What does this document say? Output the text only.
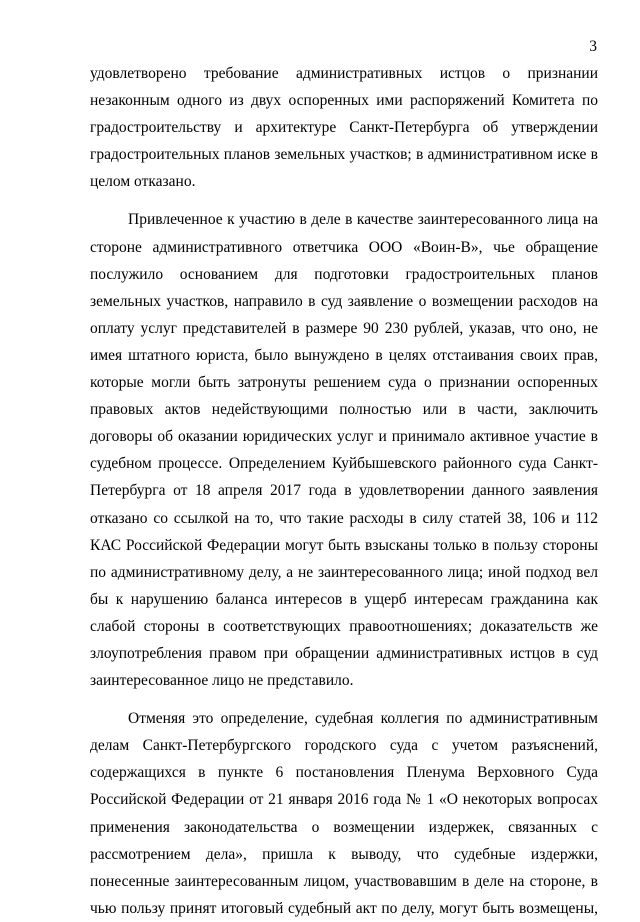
3

удовлетворено требование административных истцов о признании незаконным одного из двух оспоренных ими распоряжений Комитета по градостроительству и архитектуре Санкт-Петербурга об утверждении градостроительных планов земельных участков; в административном иске в целом отказано.

Привлеченное к участию в деле в качестве заинтересованного лица на стороне административного ответчика ООО «Воин-В», чье обращение послужило основанием для подготовки градостроительных планов земельных участков, направило в суд заявление о возмещении расходов на оплату услуг представителей в размере 90 230 рублей, указав, что оно, не имея штатного юриста, было вынуждено в целях отстаивания своих прав, которые могли быть затронуты решением суда о признании оспоренных правовых актов недействующими полностью или в части, заключить договоры об оказании юридических услуг и принимало активное участие в судебном процессе. Определением Куйбышевского районного суда Санкт-Петербурга от 18 апреля 2017 года в удовлетворении данного заявления отказано со ссылкой на то, что такие расходы в силу статей 38, 106 и 112 КАС Российской Федерации могут быть взысканы только в пользу стороны по административному делу, а не заинтересованного лица; иной подход вел бы к нарушению баланса интересов в ущерб интересам гражданина как слабой стороны в соответствующих правоотношениях; доказательств же злоупотребления правом при обращении административных истцов в суд заинтересованное лицо не представило.

Отменяя это определение, судебная коллегия по административным делам Санкт-Петербургского городского суда с учетом разъяснений, содержащихся в пункте 6 постановления Пленума Верховного Суда Российской Федерации от 21 января 2016 года № 1 «О некоторых вопросах применения законодательства о возмещении издержек, связанных с рассмотрением дела», пришла к выводу, что судебные издержки, понесенные заинтересованным лицом, участвовавшим в деле на стороне, в чью пользу принят итоговый судебный акт по делу, могут быть возмещены,
